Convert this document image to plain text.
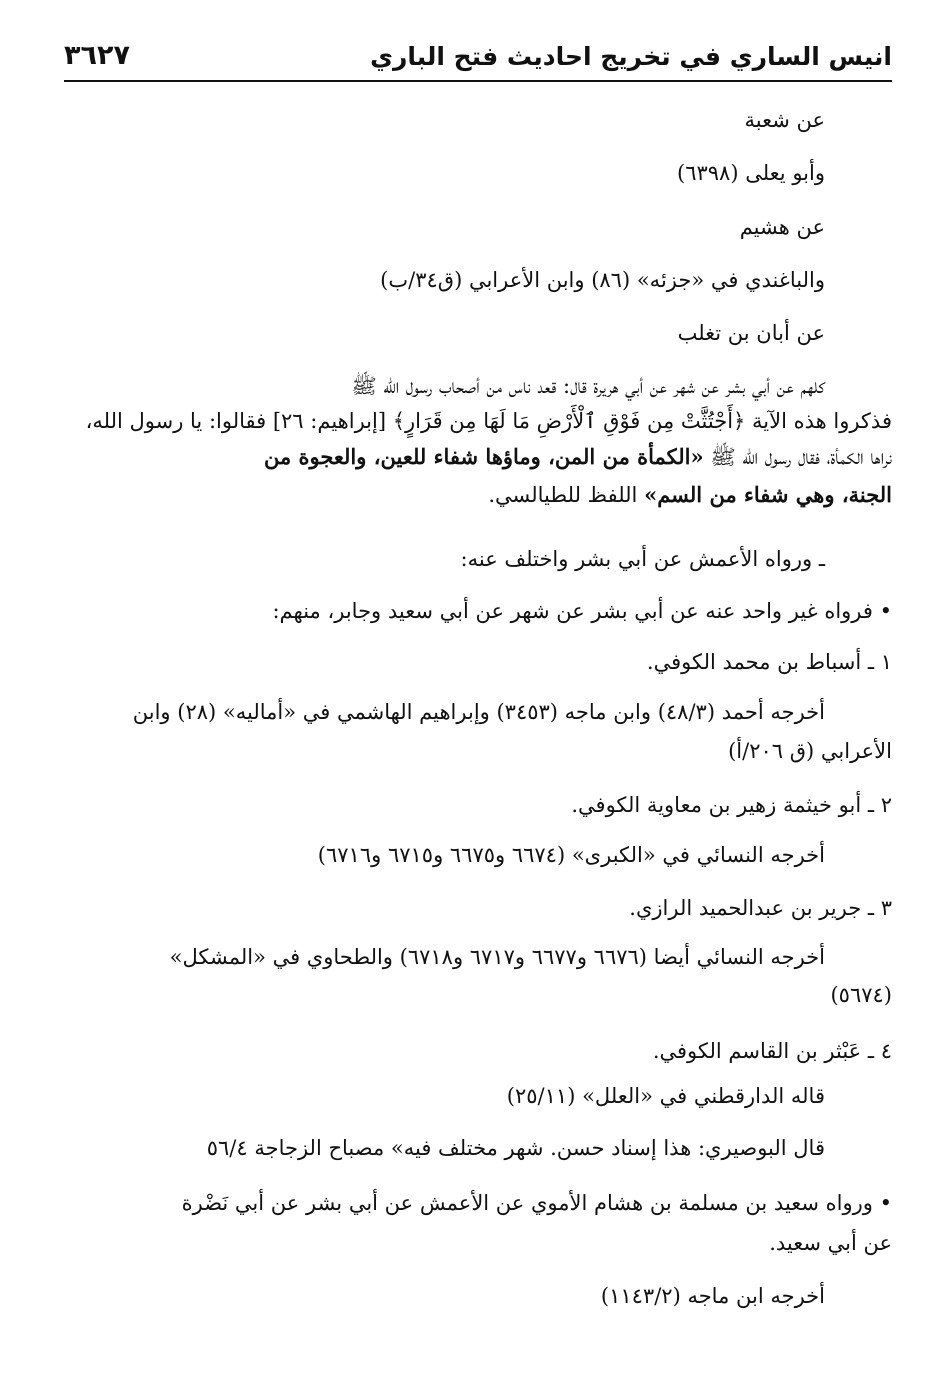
انيس الساري في تخريج احاديث فتح الباري
٣٦٢٧
عن شعبة
وأبو يعلى (٦٣٩٨)
عن هشيم
والباغندي في «جزئه» (٨٦) وابن الأعرابي (ق٣٤/ب)
عن أبان بن تغلب
كلهم عن أبي بشر عن شهر عن أبي هريرة قال: قعد ناس من أصحاب رسول الله ﷺ
فذكروا هذه الآية ﴿أَجْتُثَّتْ مِن فَوْقِ ٱلْأَرْضِ مَا لَهَا مِن قَرَارٍ﴾ [إبراهيم: ٢٦] فقالوا: يا رسول الله،
نراها الكمأة، فقال رسول الله ﷺ «الكمأة من المن، وماؤها شفاء للعين، والعجوة من
الجنة، وهي شفاء من السم» اللفظ للطيالسي.
ـ ورواه الأعمش عن أبي بشر واختلف عنه:
• فرواه غير واحد عنه عن أبي بشر عن شهر عن أبي سعيد وجابر، منهم:
١ ـ أسباط بن محمد الكوفي.
أخرجه أحمد (٤٨/٣) وابن ماجه (٣٤٥٣) وإبراهيم الهاشمي في «أماليه» (٢٨) وابن
الأعرابي (ق ٢٠٦/أ)
٢ ـ أبو خيثمة زهير بن معاوية الكوفي.
أخرجه النسائي في «الكبرى» (٦٦٧٤ و٦٦٧٥ و٦٧١٥ و٦٧١٦)
٣ ـ جرير بن عبدالحميد الرازي.
أخرجه النسائي أيضا (٦٦٧٦ و٦٦٧٧ و٦٧١٧ و٦٧١٨) والطحاوي في «المشكل»
(٥٦٧٤)
٤ ـ عَبْثر بن القاسم الكوفي.
قاله الدارقطني في «العلل» (٢٥/١١)
قال البوصيري: هذا إسناد حسن. شهر مختلف فيه» مصباح الزجاجة ٥٦/٤
• ورواه سعيد بن مسلمة بن هشام الأموي عن الأعمش عن أبي بشر عن أبي نَضْرة
عن أبي سعيد.
أخرجه ابن ماجه (١١٤٣/٢)
